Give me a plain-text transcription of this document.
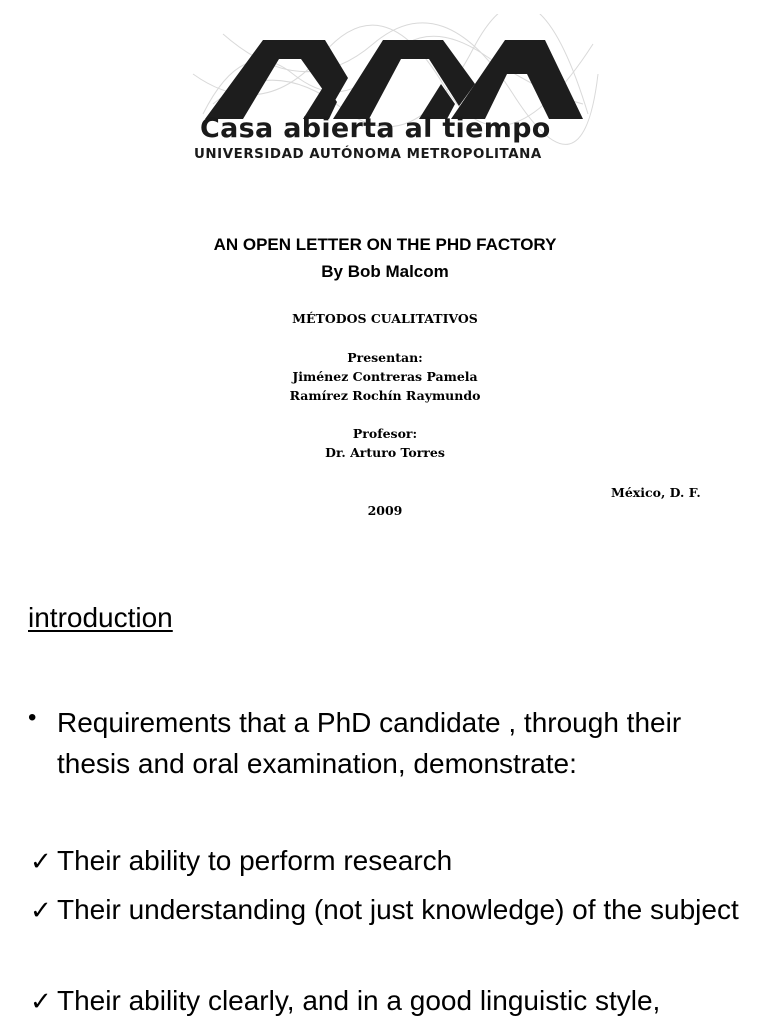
Casa abierta al tiempo
UNIVERSIDAD AUTÓNOMA METROPOLITANA
AN OPEN LETTER ON THE PHD FACTORY
By Bob Malcom
MÉTODOS CUALITATIVOS
Presentan:
Jiménez Contreras Pamela
Ramírez Rochín Raymundo
Profesor:
Dr. Arturo Torres
México, D. F.
2009
introduction
• Requirements that a PhD candidate , through their thesis and oral examination, demonstrate:

✓ Their ability to perform research
✓ Their understanding (not just knowledge) of the subject
✓ Their ability clearly, and in a good linguistic style,
